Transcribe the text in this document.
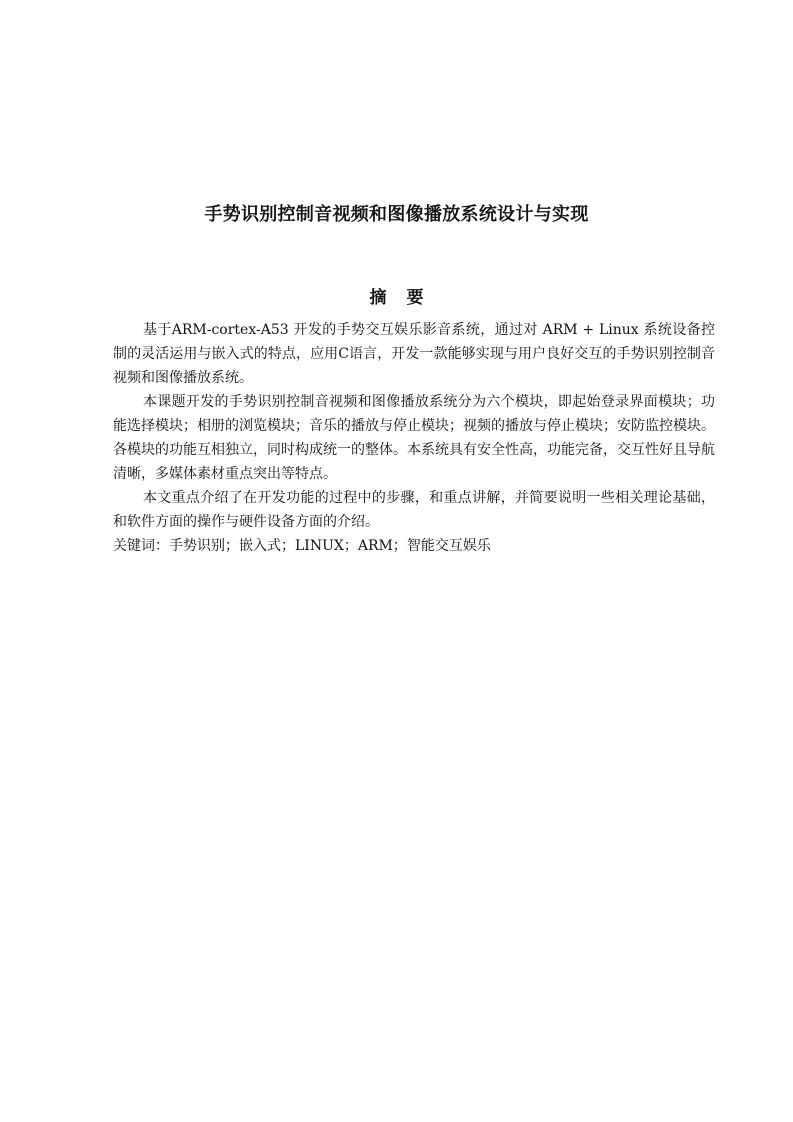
手势识别控制音视频和图像播放系统设计与实现
摘 要

基于ARM-cortex-A53 开发的手势交互娱乐影音系统，通过对 ARM + Linux 系统设备控制的灵活运用与嵌入式的特点，应用C语言，开发一款能够实现与用户良好交互的手势识别控制音视频和图像播放系统。

本课题开发的手势识别控制音视频和图像播放系统分为六个模块，即起始登录界面模块；功能选择模块；相册的浏览模块；音乐的播放与停止模块；视频的播放与停止模块；安防监控模块。各模块的功能互相独立，同时构成统一的整体。本系统具有安全性高，功能完备，交互性好且导航清晰，多媒体素材重点突出等特点。

本文重点介绍了在开发功能的过程中的步骤，和重点讲解，并简要说明一些相关理论基础，和软件方面的操作与硬件设备方面的介绍。

关键词：手势识别；嵌入式；LINUX；ARM；智能交互娱乐
